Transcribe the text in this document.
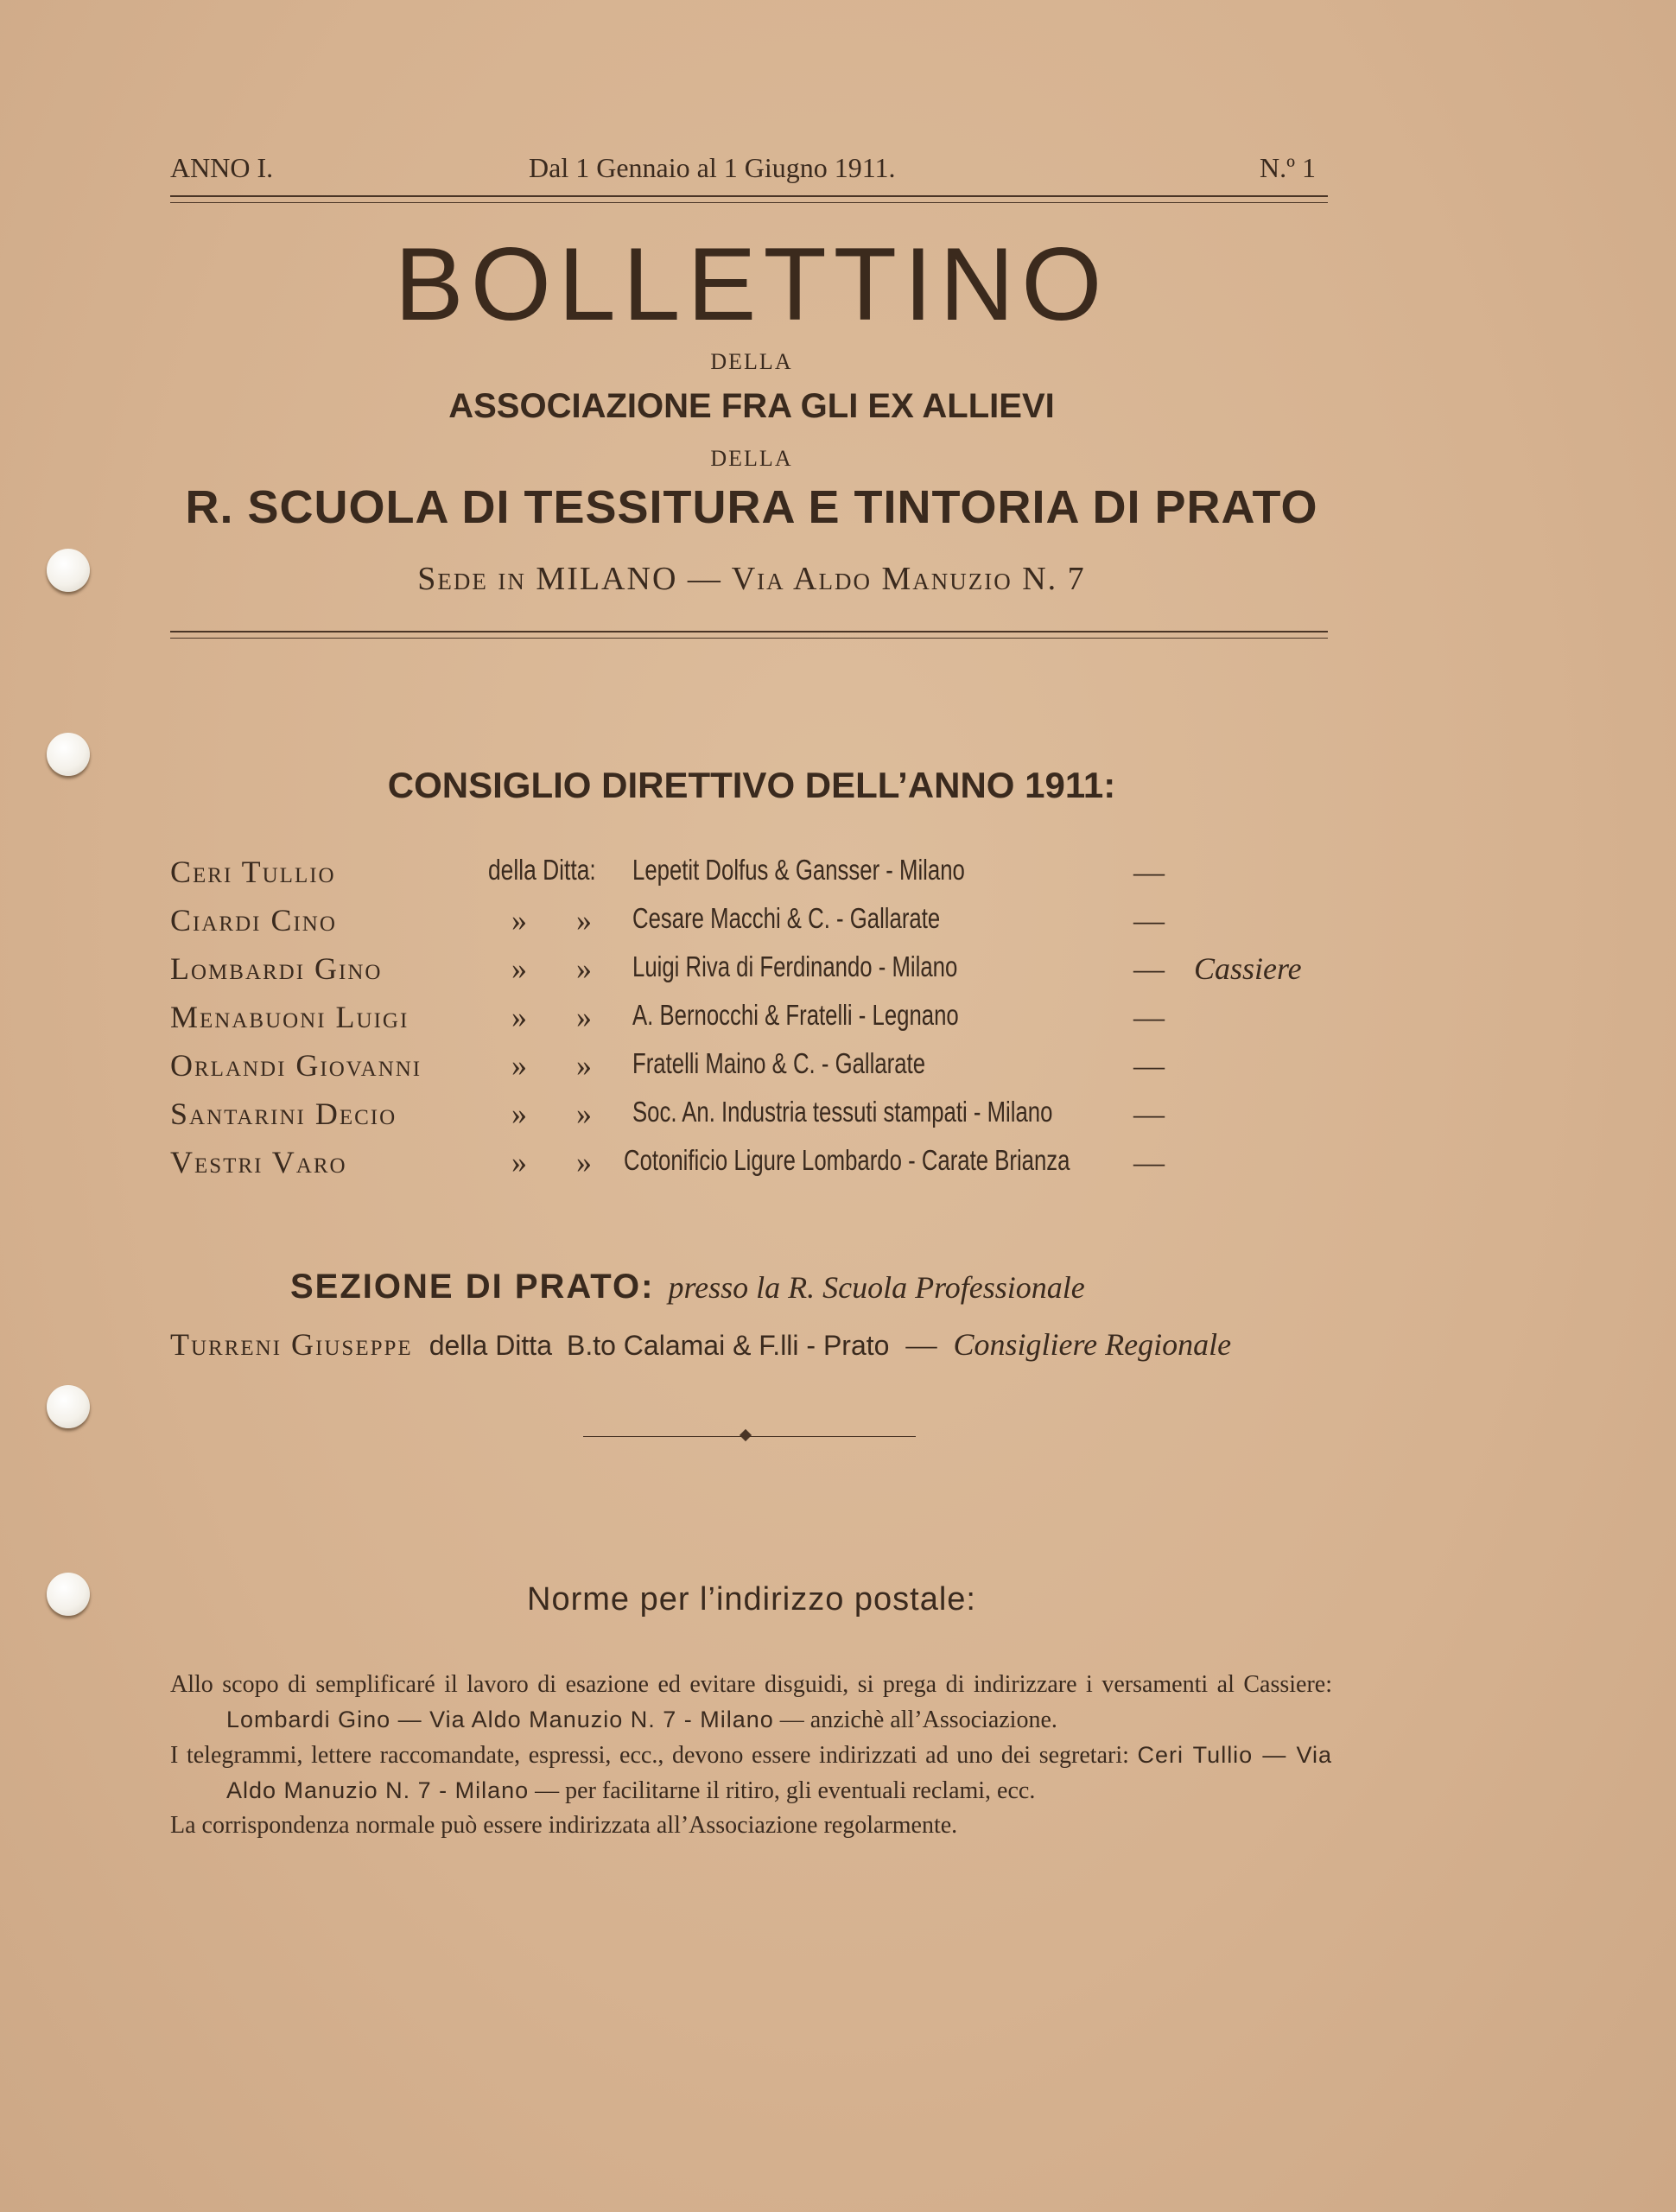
ANNO I.	Dal 1 Gennaio al 1 Giugno 1911.	N.º 1
BOLLETTINO
DELLA
ASSOCIAZIONE FRA GLI EX ALLIEVI
DELLA
R. SCUOLA DI TESSITURA E TINTORIA DI PRATO
Sede in MILANO — Via Aldo Manuzio N. 7
CONSIGLIO DIRETTIVO DELL’ANNO 1911:
Ceri Tullio	della Ditta: Lepetit Dolfus & Gansser - Milano	—
Ciardi Cino	» » Cesare Macchi & C. - Gallarate	—
Lombardi Gino	» » Luigi Riva di Ferdinando - Milano	— Cassiere
Menabuoni Luigi	» » A. Bernocchi & Fratelli - Legnano	—
Orlandi Giovanni	» » Fratelli Maino & C. - Gallarate	—
Santarini Decio	» » Soc. An. Industria tessuti stampati - Milano	—
Vestri Varo	» » Cotonificio Ligure Lombardo - Carate Brianza —
SEZIONE DI PRATO: presso la R. Scuola Professionale
Turreni Giuseppe della Ditta B.to Calamai & F.lli - Prato — Consigliere Regionale
Norme per l’indirizzo postale:

Allo scopo di semplificaré il lavoro di esazione ed evitare disguidi, si prega di indirizzare i versamenti al Cassiere: Lombardi Gino — Via Aldo Manuzio N. 7 - Milano — anzichè all’Associazione.

I telegrammi, lettere raccomandate, espressi, ecc., devono essere indirizzati ad uno dei segretari: Ceri Tullio — Via Aldo Manuzio N. 7 - Milano — per facilitarne il ritiro, gli eventuali reclami, ecc.

La corrispondenza normale può essere indirizzata all’Associazione regolarmente.
